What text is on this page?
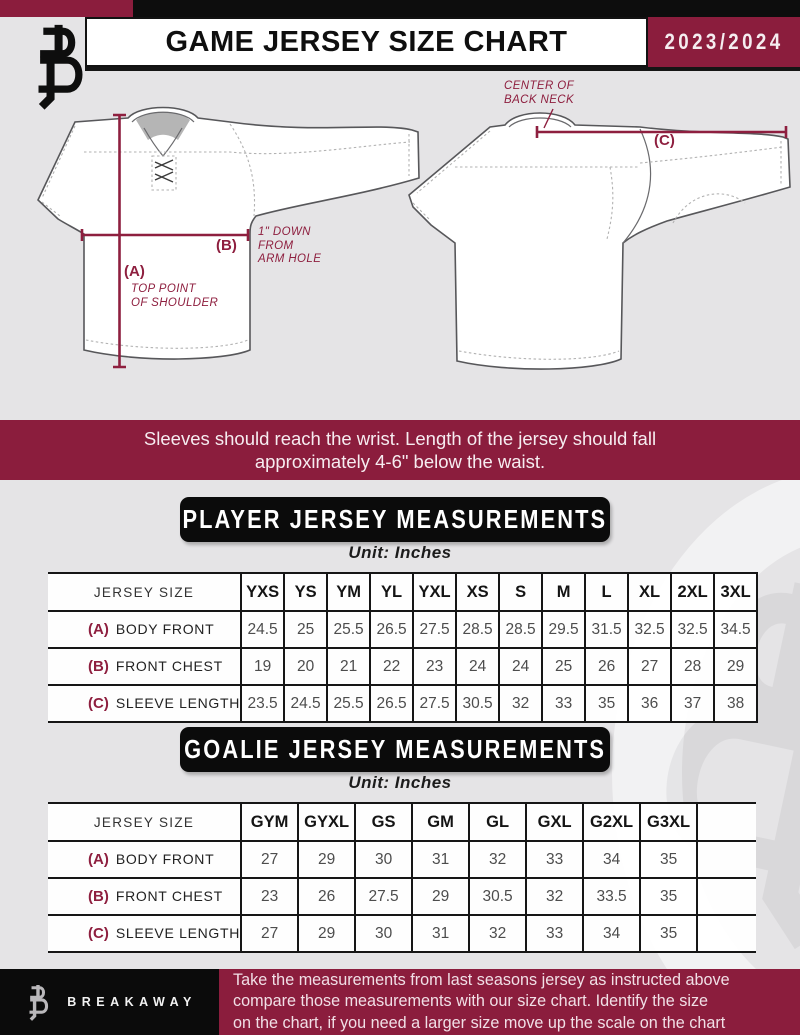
GAME JERSEY SIZE CHART	2023/2024
CENTER OF
BACK NECK
(C)
(B)
1" DOWN
FROM
ARM HOLE
(A)
TOP POINT
OF SHOULDER
Sleeves should reach the wrist. Length of the jersey should fall
approximately 4-6" below the waist.
PLAYER JERSEY MEASUREMENTS
Unit: Inches
JERSEY SIZE	YXS	YS	YM	YL	YXL	XS	S	M	L	XL	2XL	3XL
(A) BODY FRONT	24.5	25	25.5	26.5	27.5	28.5	28.5	29.5	31.5	32.5	32.5	34.5
(B) FRONT CHEST	19	20	21	22	23	24	24	25	26	27	28	29
(C) SLEEVE LENGTH	23.5	24.5	25.5	26.5	27.5	30.5	32	33	35	36	37	38
GOALIE JERSEY MEASUREMENTS
Unit: Inches
JERSEY SIZE	GYM	GYXL	GS	GM	GL	GXL	G2XL	G3XL	
(A) BODY FRONT	27	29	30	31	32	33	34	35	
(B) FRONT CHEST	23	26	27.5	29	30.5	32	33.5	35	
(C) SLEEVE LENGTH	27	29	30	31	32	33	34	35	
BREAKAWAY
Take the measurements from last seasons jersey as instructed above
compare those measurements with our size chart. Identify the size
on the chart, if you need a larger size move up the scale on the chart
